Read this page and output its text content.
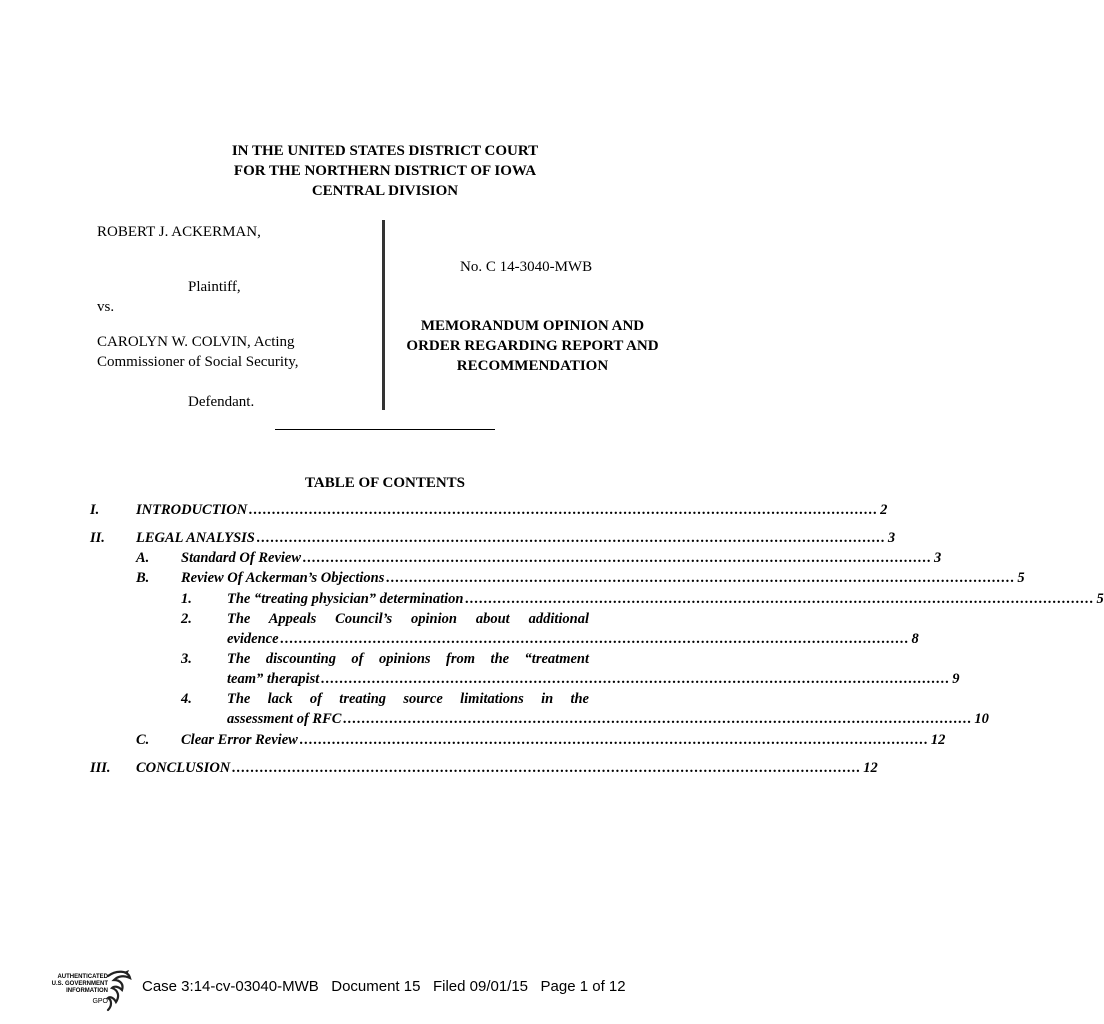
IN THE UNITED STATES DISTRICT COURT
FOR THE NORTHERN DISTRICT OF IOWA
CENTRAL DIVISION
ROBERT J. ACKERMAN,
Plaintiff,
vs.
CAROLYN W. COLVIN, Acting
Commissioner of Social Security,
Defendant.
No. C 14-3040-MWB
MEMORANDUM OPINION AND
ORDER REGARDING REPORT AND
RECOMMENDATION
TABLE OF CONTENTS
I.	INTRODUCTION ........................................................................................................................................ 2
II. LEGAL ANALYSIS ........................................................................................................................................ 3
A. Standard Of Review ........................................................................................................................................ 3
B. Review Of Ackerman’s Objections ........................................................................................................................................ 5
1. The “treating physician” determination ........................................................................................................................................ 5
2. The Appeals Council’s opinion about additional
evidence ........................................................................................................................................ 8
3. The discounting of opinions from the “treatment
team” therapist ........................................................................................................................................ 9
4. The lack of treating source limitations in the
assessment of RFC ........................................................................................................................................ 10
C. Clear Error Review ........................................................................................................................................ 12
III. CONCLUSION ........................................................................................................................................ 12
AUTHENTICATED
U.S. GOVERNMENT
INFORMATION
GPO
Case 3:14-cv-03040-MWB   Document 15   Filed 09/01/15   Page 1 of 12
